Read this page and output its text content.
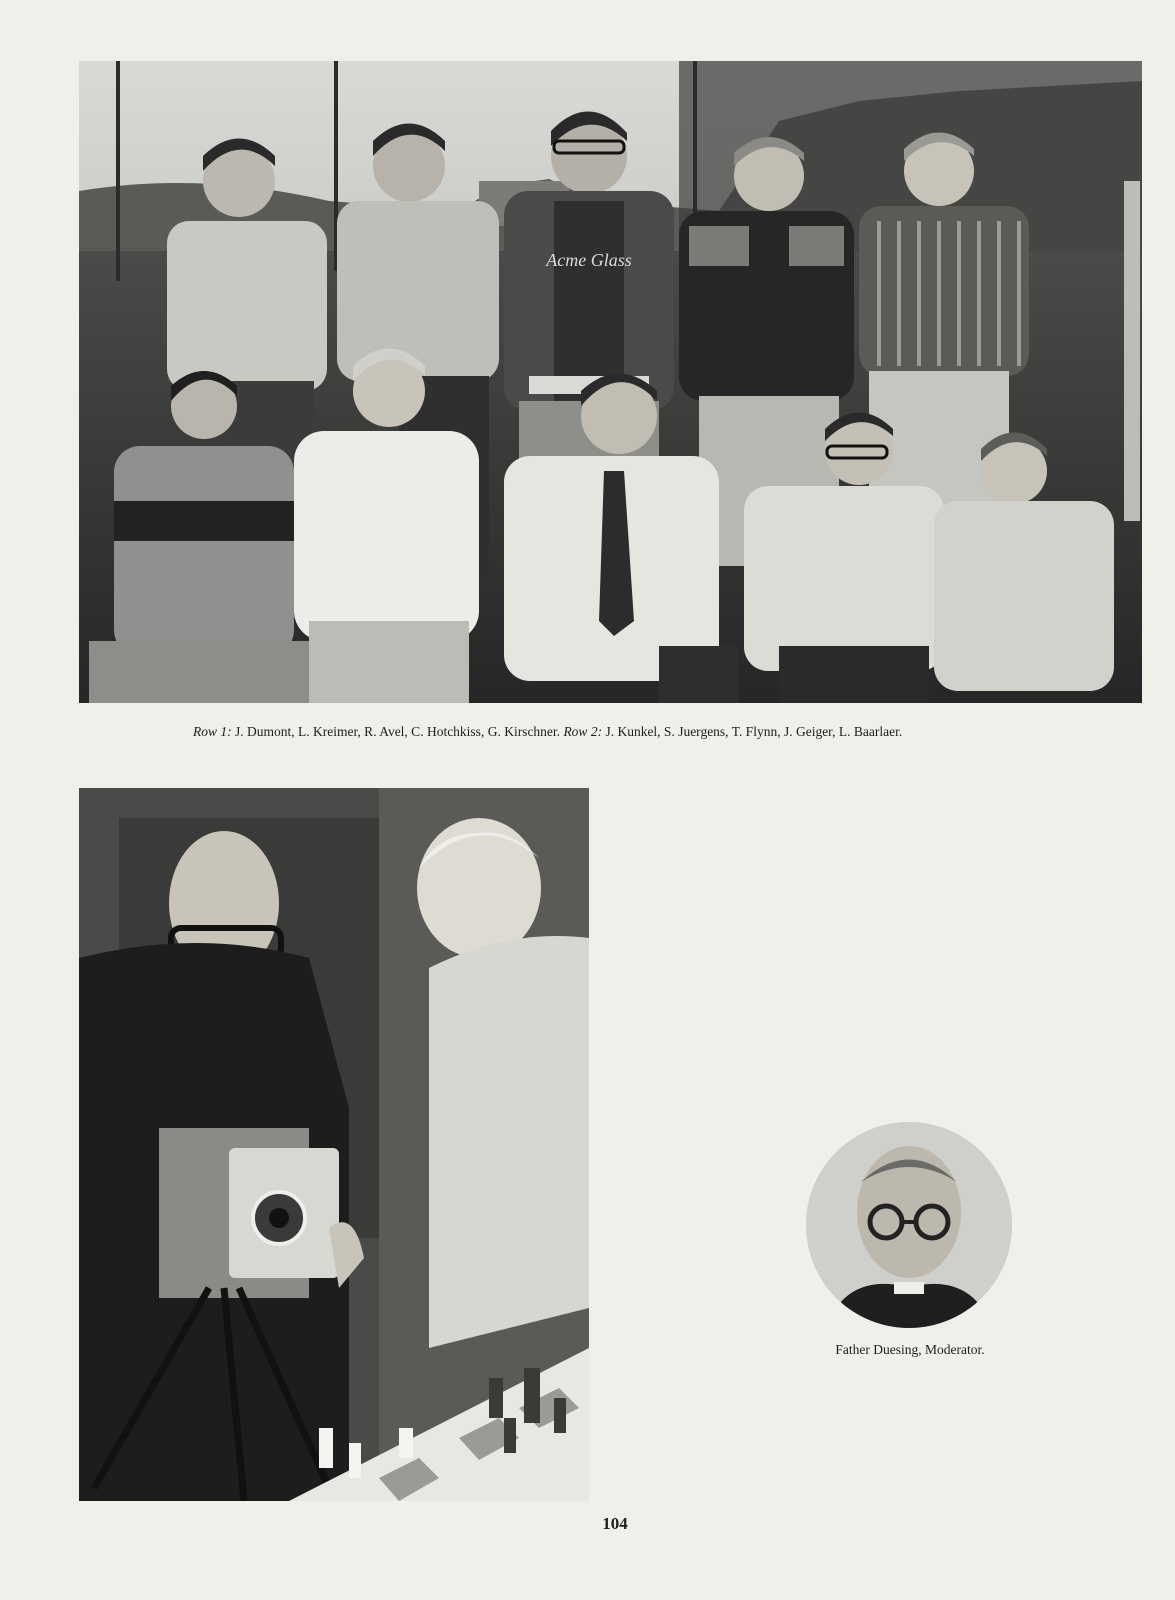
Acme Glass
Row 1: J. Dumont, L. Kreimer, R. Avel, C. Hotchkiss, G. Kirschner. Row 2: J. Kunkel, S. Juergens, T. Flynn, J. Geiger, L. Baarlaer.
Father Duesing, Moderator.
104
